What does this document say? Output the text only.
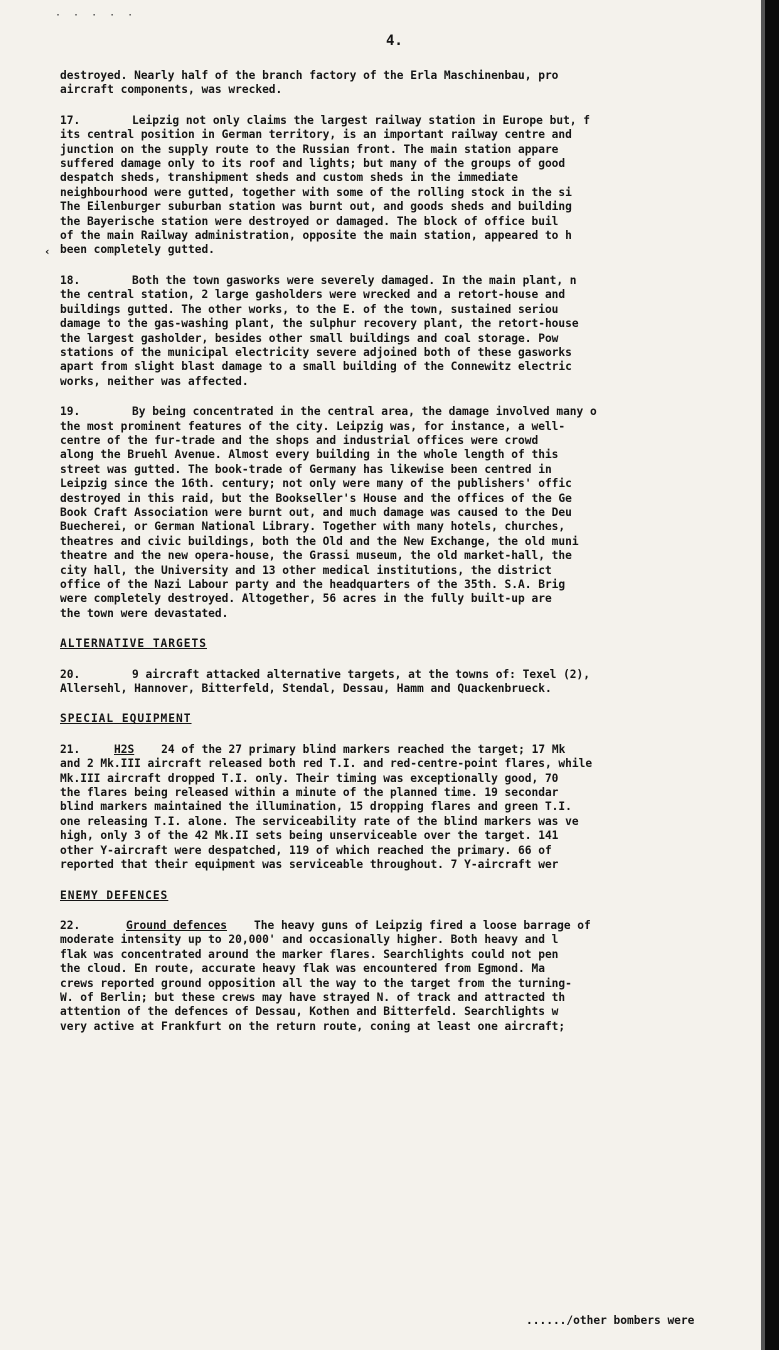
· · · · ·
4.
‹
destroyed. Nearly half of the branch factory of the Erla Maschinenbau, pro
aircraft components, was wrecked.
17.	Leipzig not only claims the largest railway station in Europe but, f
its central position in German territory, is an important railway centre and
junction on the supply route to the Russian front. The main station appare
suffered damage only to its roof and lights; but many of the groups of good
despatch sheds, transhipment sheds and custom sheds in the immediate
neighbourhood were gutted, together with some of the rolling stock in the si
The Eilenburger suburban station was burnt out, and goods sheds and building
the Bayerische station were destroyed or damaged. The block of office buil
of the main Railway administration, opposite the main station, appeared to h
been completely gutted.
18.	Both the town gasworks were severely damaged. In the main plant, n
the central station, 2 large gasholders were wrecked and a retort-house and
buildings gutted. The other works, to the E. of the town, sustained seriou
damage to the gas-washing plant, the sulphur recovery plant, the retort-house
the largest gasholder, besides other small buildings and coal storage. Pow
stations of the municipal electricity severe adjoined both of these gasworks
apart from slight blast damage to a small building of the Connewitz electric
works, neither was affected.
19.	By being concentrated in the central area, the damage involved many o
the most prominent features of the city. Leipzig was, for instance, a well-
centre of the fur-trade and the shops and industrial offices were crowd
along the Bruehl Avenue. Almost every building in the whole length of this
street was gutted. The book-trade of Germany has likewise been centred in
Leipzig since the 16th. century; not only were many of the publishers' offic
destroyed in this raid, but the Bookseller's House and the offices of the Ge
Book Craft Association were burnt out, and much damage was caused to the Deu
Buecherei, or German National Library. Together with many hotels, churches,
theatres and civic buildings, both the Old and the New Exchange, the old muni
theatre and the new opera-house, the Grassi museum, the old market-hall, the
city hall, the University and 13 other medical institutions, the district
office of the Nazi Labour party and the headquarters of the 35th. S.A. Brig
were completely destroyed. Altogether, 56 acres in the fully built-up are
the town were devastated.
ALTERNATIVE TARGETS
20.	9 aircraft attacked alternative targets, at the towns of: Texel (2),
Allersehl, Hannover, Bitterfeld, Stendal, Dessau, Hamm and Quackenbrueck.
SPECIAL EQUIPMENT
21.	H2S 24 of the 27 primary blind markers reached the target; 17 Mk
and 2 Mk.III aircraft released both red T.I. and red-centre-point flares, while
Mk.III aircraft dropped T.I. only. Their timing was exceptionally good, 70
the flares being released within a minute of the planned time. 19 secondar
blind markers maintained the illumination, 15 dropping flares and green T.I.
one releasing T.I. alone. The serviceability rate of the blind markers was ve
high, only 3 of the 42 Mk.II sets being unserviceable over the target. 141
other Y-aircraft were despatched, 119 of which reached the primary. 66 of
reported that their equipment was serviceable throughout. 7 Y-aircraft wer
ENEMY DEFENCES
22.	Ground defences The heavy guns of Leipzig fired a loose barrage of
moderate intensity up to 20,000' and occasionally higher. Both heavy and l
flak was concentrated around the marker flares. Searchlights could not pen
the cloud. En route, accurate heavy flak was encountered from Egmond. Ma
crews reported ground opposition all the way to the target from the turning-
W. of Berlin; but these crews may have strayed N. of track and attracted th
attention of the defences of Dessau, Kothen and Bitterfeld. Searchlights w
very active at Frankfurt on the return route, coning at least one aircraft;
....../other bombers were
